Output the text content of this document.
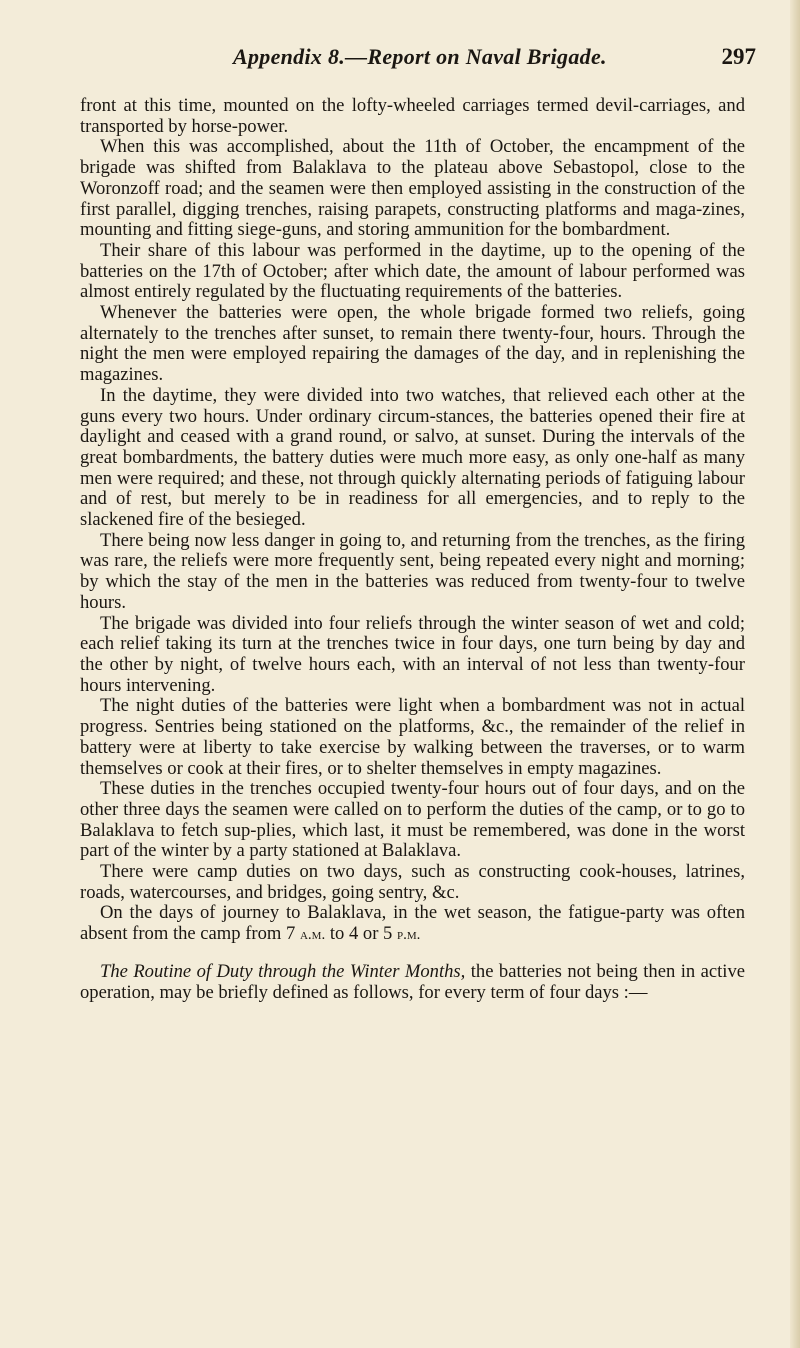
Appendix 8.—Report on Naval Brigade.	297

front at this time, mounted on the lofty-wheeled carriages termed devil-carriages, and transported by horse-power.

When this was accomplished, about the 11th of October, the encampment of the brigade was shifted from Balaklava to the plateau above Sebastopol, close to the Woronzoff road; and the seamen were then employed assisting in the construction of the first parallel, digging trenches, raising parapets, constructing platforms and maga-zines, mounting and fitting siege-guns, and storing ammunition for the bombardment.

Their share of this labour was performed in the daytime, up to the opening of the batteries on the 17th of October; after which date, the amount of labour performed was almost entirely regulated by the fluctuating requirements of the batteries.

Whenever the batteries were open, the whole brigade formed two reliefs, going alternately to the trenches after sunset, to remain there twenty-four, hours. Through the night the men were employed repairing the damages of the day, and in replenishing the magazines.

In the daytime, they were divided into two watches, that relieved each other at the guns every two hours. Under ordinary circum-stances, the batteries opened their fire at daylight and ceased with a grand round, or salvo, at sunset. During the intervals of the great bombardments, the battery duties were much more easy, as only one-half as many men were required; and these, not through quickly alternating periods of fatiguing labour and of rest, but merely to be in readiness for all emergencies, and to reply to the slackened fire of the besieged.

There being now less danger in going to, and returning from the trenches, as the firing was rare, the reliefs were more frequently sent, being repeated every night and morning; by which the stay of the men in the batteries was reduced from twenty-four to twelve hours.

The brigade was divided into four reliefs through the winter season of wet and cold; each relief taking its turn at the trenches twice in four days, one turn being by day and the other by night, of twelve hours each, with an interval of not less than twenty-four hours intervening.

The night duties of the batteries were light when a bombardment was not in actual progress. Sentries being stationed on the platforms, &c., the remainder of the relief in battery were at liberty to take exercise by walking between the traverses, or to warm themselves or cook at their fires, or to shelter themselves in empty magazines.

These duties in the trenches occupied twenty-four hours out of four days, and on the other three days the seamen were called on to perform the duties of the camp, or to go to Balaklava to fetch sup-plies, which last, it must be remembered, was done in the worst part of the winter by a party stationed at Balaklava.

There were camp duties on two days, such as constructing cook-houses, latrines, roads, watercourses, and bridges, going sentry, &c.

On the days of journey to Balaklava, in the wet season, the fatigue-party was often absent from the camp from 7 a.m. to 4 or 5 p.m.

The Routine of Duty through the Winter Months, the batteries not being then in active operation, may be briefly defined as follows, for every term of four days :—
